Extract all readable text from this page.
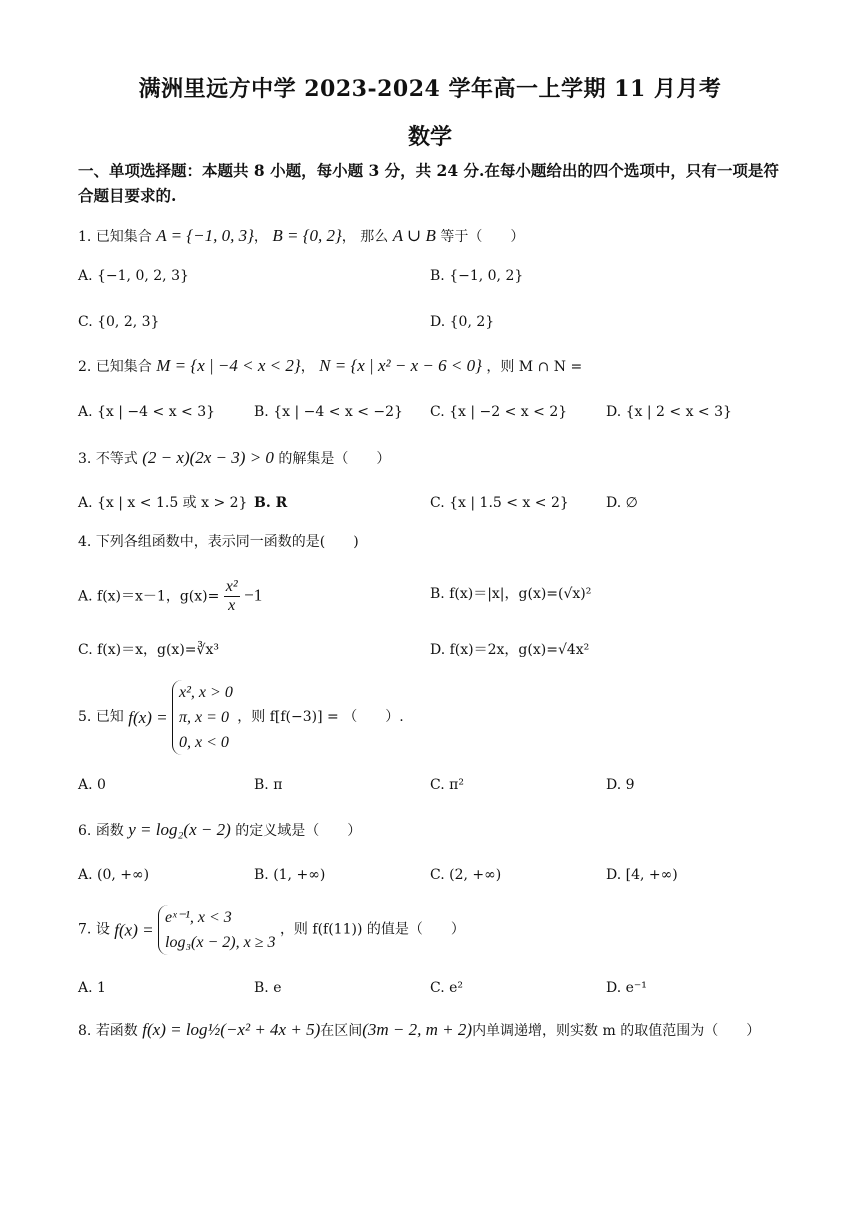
满洲里远方中学 2023-2024 学年高一上学期 11 月月考
数学
一、单项选择题：本题共 8 小题，每小题 3 分，共 24 分.在每小题给出的四个选项中，只有一项是符合题目要求的.
1. 已知集合 A = {−1, 0, 3}， B = {0, 2}， 那么 A ∪ B 等于（　　）
A. {−1, 0, 2, 3}	B. {−1, 0, 2}
C. {0, 2, 3}	D. {0, 2}
2. 已知集合 M = {x | −4 < x < 2}， N = {x | x² − x − 6 < 0} ，则 M ∩ N =
A. {x | −4 < x < 3}	B. {x | −4 < x < −2} C. {x | −2 < x < 2}	D. {x | 2 < x < 3}
3. 不等式 (2 − x)(2x − 3) > 0 的解集是（　　）
A. {x | x < 1.5 或 x > 2} B. R	C. {x | 1.5 < x < 2}	D. ∅
4. 下列各组函数中，表示同一函数的是(　　)
A. f(x)＝x－1，$g(x)= \frac{\text{x²}}{x} -1$	B. f(x)＝|x|，g(x)=(√x)²
C. f(x)＝x，g(x)=∛x³	D. f(x)＝2x，g(x)=√4x²
5. 已知 f(x) =
x², x > 0
π, x = 0
0, x < 0
，则 f[f(−3)] = （　　）.
A. 0	B. π	C. π²	D. 9
6. 函数 y = log₂(x − 2) 的定义域是（　　）
A. (0, +∞)	B. (1, +∞)	C. (2, +∞)	D. [4, +∞)
7. 设 f(x) =
eˣ⁻¹, x < 3
log₃(x − 2), x ≥ 3
，则 f(f(11)) 的值是（　　）
A. 1	B. e	C. e²	D. e⁻¹
8. 若函数 f(x) = log½(−x² + 4x + 5)在区间(3m − 2, m + 2)内单调递增，则实数 m 的取值范围为（　　）
